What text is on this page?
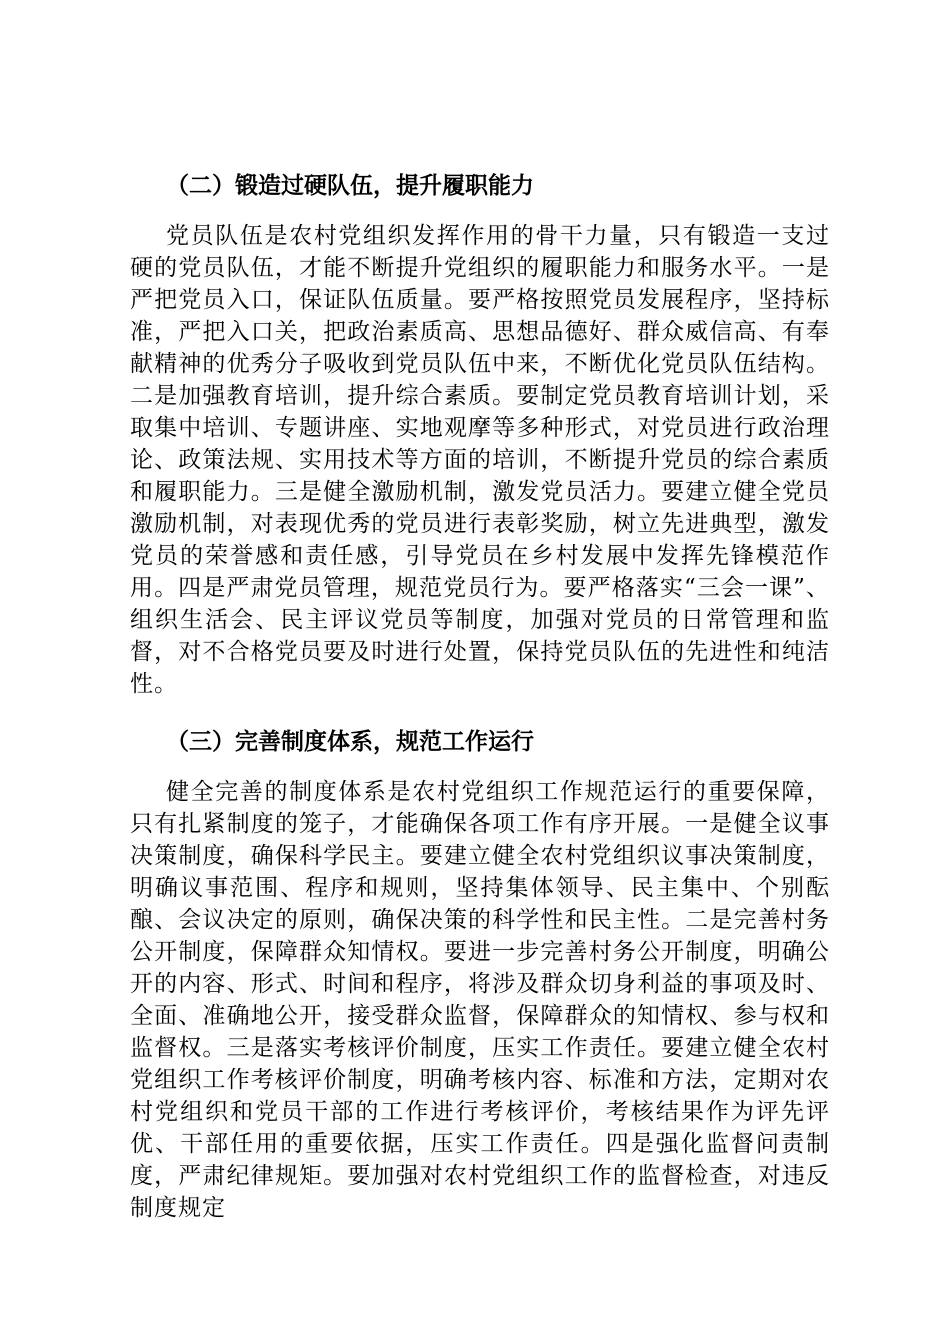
（二）锻造过硬队伍，提升履职能力

党员队伍是农村党组织发挥作用的骨干力量，只有锻造一支过硬的党员队伍，才能不断提升党组织的履职能力和服务水平。一是严把党员入口，保证队伍质量。要严格按照党员发展程序，坚持标准，严把入口关，把政治素质高、思想品德好、群众威信高、有奉献精神的优秀分子吸收到党员队伍中来，不断优化党员队伍结构。二是加强教育培训，提升综合素质。要制定党员教育培训计划，采取集中培训、专题讲座、实地观摩等多种形式，对党员进行政治理论、政策法规、实用技术等方面的培训，不断提升党员的综合素质和履职能力。三是健全激励机制，激发党员活力。要建立健全党员激励机制，对表现优秀的党员进行表彰奖励，树立先进典型，激发党员的荣誉感和责任感，引导党员在乡村发展中发挥先锋模范作用。四是严肃党员管理，规范党员行为。要严格落实“三会一课”、组织生活会、民主评议党员等制度，加强对党员的日常管理和监督，对不合格党员要及时进行处置，保持党员队伍的先进性和纯洁性。

（三）完善制度体系，规范工作运行

健全完善的制度体系是农村党组织工作规范运行的重要保障，只有扎紧制度的笼子，才能确保各项工作有序开展。一是健全议事决策制度，确保科学民主。要建立健全农村党组织议事决策制度，明确议事范围、程序和规则，坚持集体领导、民主集中、个别酝酿、会议决定的原则，确保决策的科学性和民主性。二是完善村务公开制度，保障群众知情权。要进一步完善村务公开制度，明确公开的内容、形式、时间和程序，将涉及群众切身利益的事项及时、全面、准确地公开，接受群众监督，保障群众的知情权、参与权和监督权。三是落实考核评价制度，压实工作责任。要建立健全农村党组织工作考核评价制度，明确考核内容、标准和方法，定期对农村党组织和党员干部的工作进行考核评价，考核结果作为评先评优、干部任用的重要依据，压实工作责任。四是强化监督问责制度，严肃纪律规矩。要加强对农村党组织工作的监督检查，对违反制度规定
